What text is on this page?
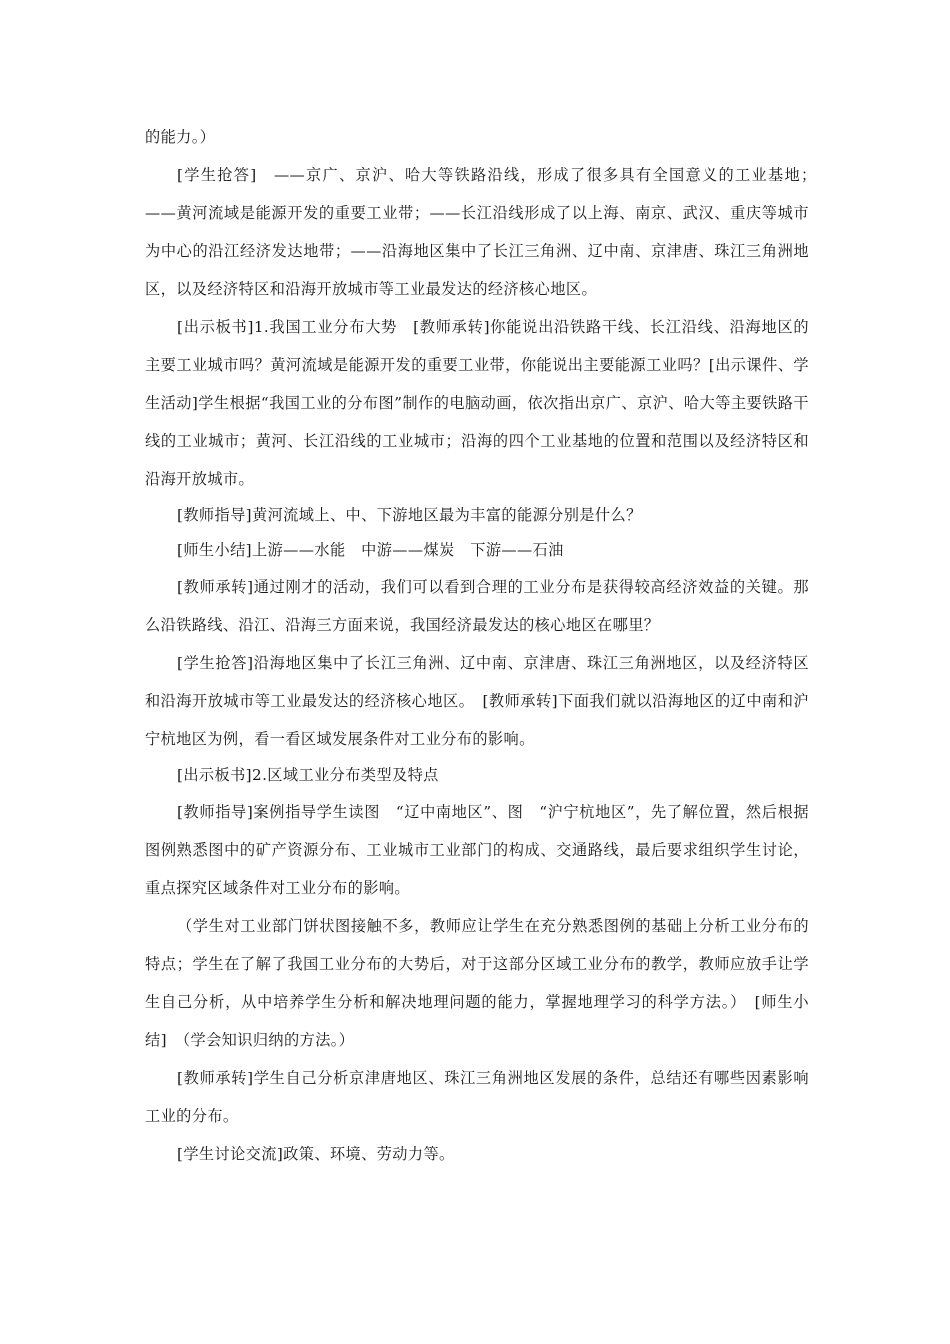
的能力。）

[学生抢答]　——京广、京沪、哈大等铁路沿线，形成了很多具有全国意义的工业基地；　——黄河流域是能源开发的重要工业带；——长江沿线形成了以上海、南京、武汉、重庆等城市为中心的沿江经济发达地带；——沿海地区集中了长江三角洲、辽中南、京津唐、珠江三角洲地区，以及经济特区和沿海开放城市等工业最发达的经济核心地区。

[出示板书]1.我国工业分布大势　[教师承转]你能说出沿铁路干线、长江沿线、沿海地区的主要工业城市吗？黄河流域是能源开发的重要工业带，你能说出主要能源工业吗？[出示课件、学生活动]学生根据“我国工业的分布图”制作的电脑动画，依次指出京广、京沪、哈大等主要铁路干线的工业城市；黄河、长江沿线的工业城市；沿海的四个工业基地的位置和范围以及经济特区和沿海开放城市。

[教师指导]黄河流域上、中、下游地区最为丰富的能源分别是什么？

[师生小结]上游——水能　中游——煤炭　下游——石油

[教师承转]通过刚才的活动，我们可以看到合理的工业分布是获得较高经济效益的关键。那么沿铁路线、沿江、沿海三方面来说，我国经济最发达的核心地区在哪里？

[学生抢答]沿海地区集中了长江三角洲、辽中南、京津唐、珠江三角洲地区，以及经济特区和沿海开放城市等工业最发达的经济核心地区。　[教师承转]下面我们就以沿海地区的辽中南和沪宁杭地区为例，看一看区域发展条件对工业分布的影响。

[出示板书]2.区域工业分布类型及特点

[教师指导]案例指导学生读图　“辽中南地区”、图　“沪宁杭地区”，先了解位置，然后根据图例熟悉图中的矿产资源分布、工业城市工业部门的构成、交通路线，最后要求组织学生讨论，重点探究区域条件对工业分布的影响。

（学生对工业部门饼状图接触不多，教师应让学生在充分熟悉图例的基础上分析工业分布的特点；学生在了解了我国工业分布的大势后，对于这部分区域工业分布的教学，教师应放手让学生自己分析，从中培养学生分析和解决地理问题的能力，掌握地理学习的科学方法。）　[师生小结]　（学会知识归纳的方法。）

[教师承转]学生自己分析京津唐地区、珠江三角洲地区发展的条件，总结还有哪些因素影响工业的分布。

[学生讨论交流]政策、环境、劳动力等。
